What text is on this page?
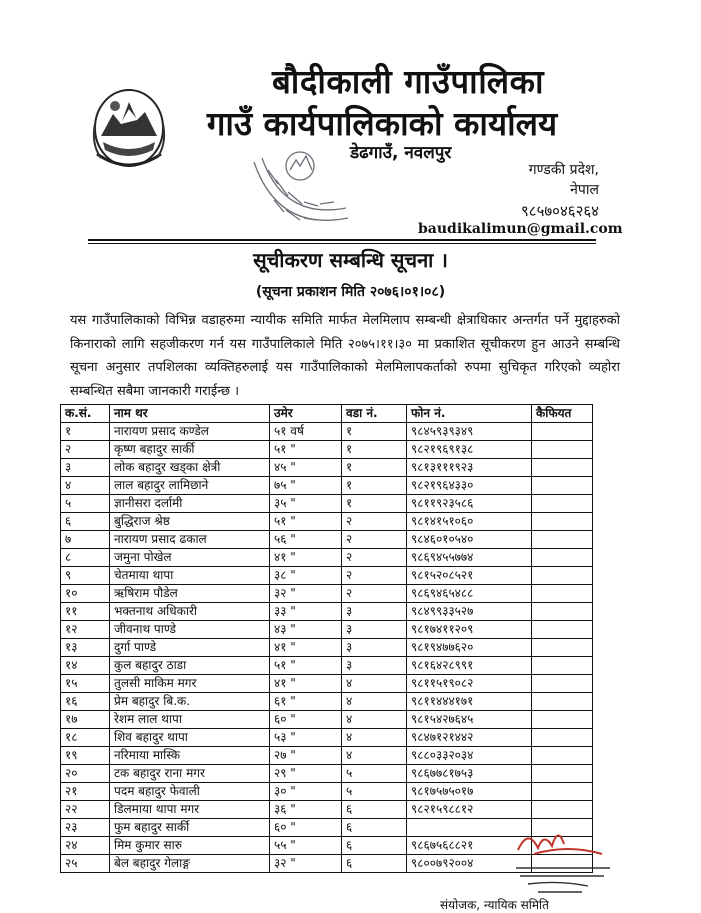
बौदीकाली गाउँपालिका
गाउँ कार्यपालिकाको कार्यालय
डेढगाउँ, नवलपुर
गण्डकी प्रदेश,
नेपाल
९८५७०४६२६४
baudikalimun@gmail.com
सूचीकरण सम्बन्धि सूचना ।
(सूचना प्रकाशन मिति २०७६।०१।०८)
यस गाउँपालिकाको विभिन्न वडाहरुमा न्यायीक समिति मार्फत मेलमिलाप सम्बन्धी क्षेत्राधिकार अन्तर्गत पर्ने मुद्दाहरुको किनाराको लागि सहजीकरण गर्न यस गाउँपालिकाले मिति २०७५।११।३० मा प्रकाशित सूचीकरण हुन आउने सम्बन्धि सूचना अनुसार तपशिलका व्यक्तिहरुलाई यस गाउँपालिकाको मेलमिलापकर्ताको रुपमा सुचिकृत गरिएको व्यहोरा सम्बन्धित सबैमा जानकारी गराईन्छ ।
क.सं.	नाम थर	उमेर	वडा नं.	फोन नं.	कैफियत
१	नारायण प्रसाद कण्डेल	५१ वर्ष	१	९८४५९३९३४९	
२	कृष्ण बहादुर सार्की	५१ "	१	९८२१९६९१३८	
३	लोक बहादुर खड्का क्षेत्री	४५ "	१	९८१३१११९२३	
४	लाल बहादुर लामिछाने	७५ "	१	९८२१९६४३३०	
५	ज्ञानीसरा दर्लामी	३५ "	१	९८११९२३५८६	
६	बुद्धिराज श्रेष्ठ	५१ "	२	९८१४१५१०६०	
७	नारायण प्रसाद ढकाल	५६ "	२	९८४६०१०५४०	
८	जमुना पोखेल	४१ "	२	९८६९४५५७७४	
९	चेतमाया थापा	३८ "	२	९८१५२०८५२१	
१०	ऋषिराम पौडेल	३२ "	२	९८६९४६५४८८	
११	भक्तनाथ अधिकारी	३३ "	३	९८४९९३३५२७	
१२	जीवनाथ पाण्डे	४३ "	३	९८१७४११२०९	
१३	दुर्गा पाण्डे	४१ "	३	९८१९४७७६२०	
१४	कुल बहादुर ठाडा	५१ "	३	९८१६४२८९९१	
१५	तुलसी माकिम मगर	४१ "	४	९८११५१९०८२	
१६	प्रेम बहादुर बि.क.	६१ "	४	९८११४४४१७१	
१७	रेशम लाल थापा	६० "	४	९८१५४२७६४५	
१८	शिव बहादुर थापा	५३ "	४	९८४७१२१४४२	
१९	नरिमाया मास्कि	२७ "	४	९८८०३३२०३४	
२०	टक बहादुर राना मगर	२९ "	५	९८६७७८१७५३	
२१	पदम बहादुर फेवाली	३० "	५	९८१७५७५०१७	
२२	डिलमाया थापा मगर	३६ "	६	९८२१५९८८१२	
२३	फुम बहादुर सार्की	६० "	६		
२४	मिम कुमार सारु	५५ "	६	९८६७५६८८२१	
२५	बेल बहादुर गेलाङ्ग	३२ "	६	९८००७९२००४	
संयोजक, न्यायिक समिति
